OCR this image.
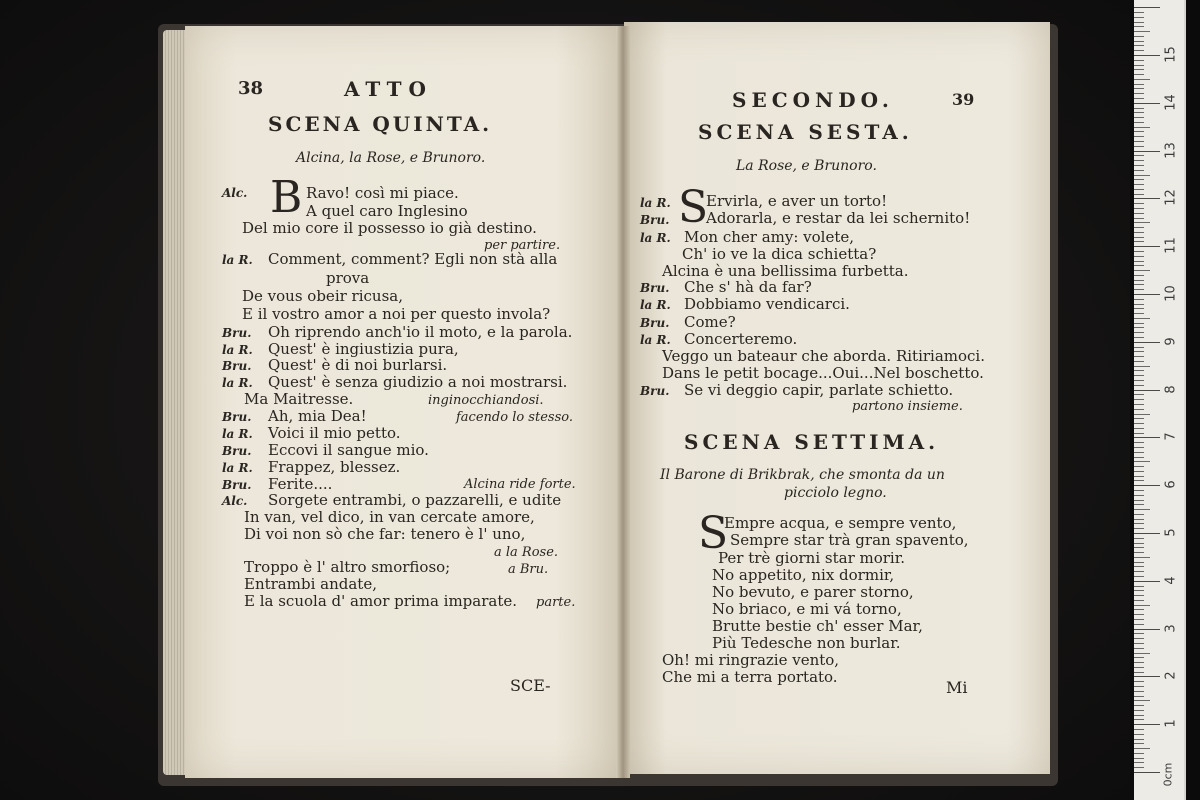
1
2
3
4
5
6
7
8
9
10
11
12
13
14
15
0cm
38	ATTO
SCENA QUINTA.
Alcina, la Rose, e Brunoro.
Alc. B Ravo! così mi piace.
A quel caro Inglesino
Del mio core il possesso io già destino.
per partire.
la R. Comment, comment? Egli non stà alla
prova
De vous obeir ricusa,
E il vostro amor a noi per questo invola?
Bru. Oh riprendo anch'io il moto, e la parola.
la R. Quest' è ingiustizia pura,
Bru. Quest' è di noi burlarsi.
la R. Quest' è senza giudizio a noi mostrarsi.
Ma Maitresse.	inginocchiandosi.
Bru. Ah, mia Dea!	facendo lo stesso.
la R. Voici il mio petto.
Bru. Eccovi il sangue mio.
la R. Frappez, blessez.
Bru. Ferite....	Alcina ride forte.
Alc. Sorgete entrambi, o pazzarelli, e udite
In van, vel dico, in van cercate amore,
Di voi non sò che far: tenero è l' uno,
a la Rose.
Troppo è l' altro smorfioso;	a Bru.
Entrambi andate,
E la scuola d' amor prima imparate. parte.
SCE-
SECONDO.	39
SCENA SESTA.
La Rose, e Brunoro.
la R. S
Ervirla, e aver un torto!
Bru. Adorarla, e restar da lei schernito!
la R. Mon cher amy: volete,
Ch' io ve la dica schietta?
Alcina è una bellissima furbetta.
Bru. Che s' hà da far?
la R. Dobbiamo vendicarci.
Bru. Come?
la R. Concerteremo.
Veggo un bateaur che aborda. Ritiriamoci.
Dans le petit bocage...Oui...Nel boschetto.
Bru. Se vi deggio capir, parlate schietto.
partono insieme.
SCENA SETTIMA.
Il Barone di Brikbrak, che smonta da un
picciolo legno.
S
Empre acqua, e sempre vento,
Sempre star trà gran spavento,
Per trè giorni star morir.
No appetito, nix dormir,
No bevuto, e parer storno,
No briaco, e mi vá torno,
Brutte bestie ch' esser Mar,
Più Tedesche non burlar.
Oh! mi ringrazie vento,
Che mi a terra portato.
Mi
